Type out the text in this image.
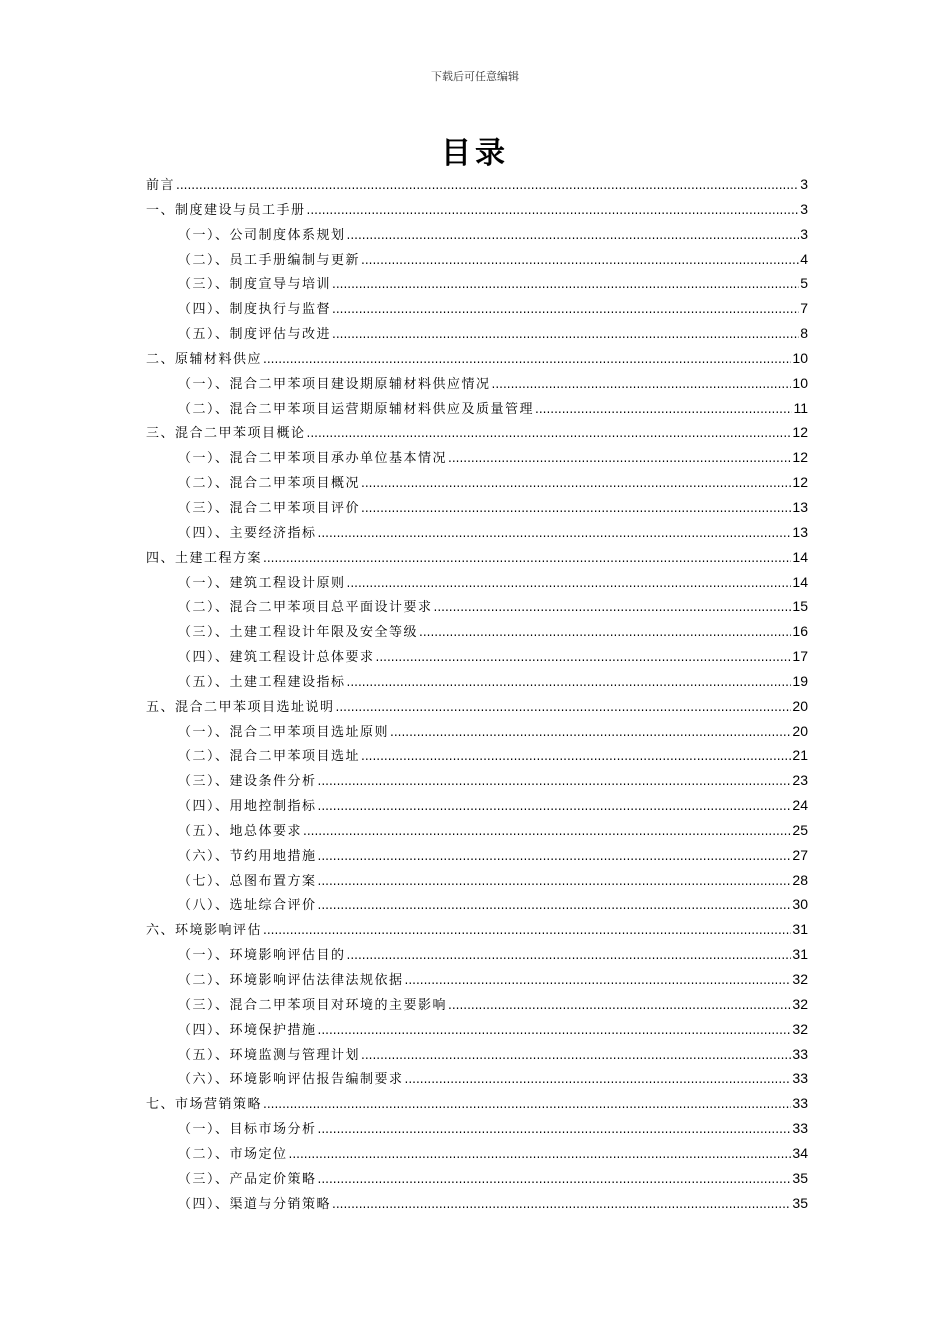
下载后可任意编辑
目录
前言 .....	3
一、制度建设与员工手册 .....	3
（一）、公司制度体系规划 .....	3
（二）、员工手册编制与更新 .....	4
（三）、制度宣导与培训 .....	5
（四）、制度执行与监督 .....	7
（五）、制度评估与改进 .....	8
二、原辅材料供应 .....	10
（一）、混合二甲苯项目建设期原辅材料供应情况 .....	10
（二）、混合二甲苯项目运营期原辅材料供应及质量管理 .....	11
三、混合二甲苯项目概论 .....	12
（一）、混合二甲苯项目承办单位基本情况 .....	12
（二）、混合二甲苯项目概况 .....	12
（三）、混合二甲苯项目评价 .....	13
（四）、主要经济指标 .....	13
四、土建工程方案 .....	14
（一）、建筑工程设计原则 .....	14
（二）、混合二甲苯项目总平面设计要求 .....	15
（三）、土建工程设计年限及安全等级 .....	16
（四）、建筑工程设计总体要求 .....	17
（五）、土建工程建设指标 .....	19
五、混合二甲苯项目选址说明 .....	20
（一）、混合二甲苯项目选址原则 .....	20
（二）、混合二甲苯项目选址 .....	21
（三）、建设条件分析 .....	23
（四）、用地控制指标 .....	24
（五）、地总体要求 .....	25
（六）、节约用地措施 .....	27
（七）、总图布置方案 .....	28
（八）、选址综合评价 .....	30
六、环境影响评估 .....	31
（一）、环境影响评估目的 .....	31
（二）、环境影响评估法律法规依据 .....	32
（三）、混合二甲苯项目对环境的主要影响 .....	32
（四）、环境保护措施 .....	32
（五）、环境监测与管理计划 .....	33
（六）、环境影响评估报告编制要求 .....	33
七、市场营销策略 .....	33
（一）、目标市场分析 .....	33
（二）、市场定位 .....	34
（三）、产品定价策略 .....	35
（四）、渠道与分销策略 .....	35
